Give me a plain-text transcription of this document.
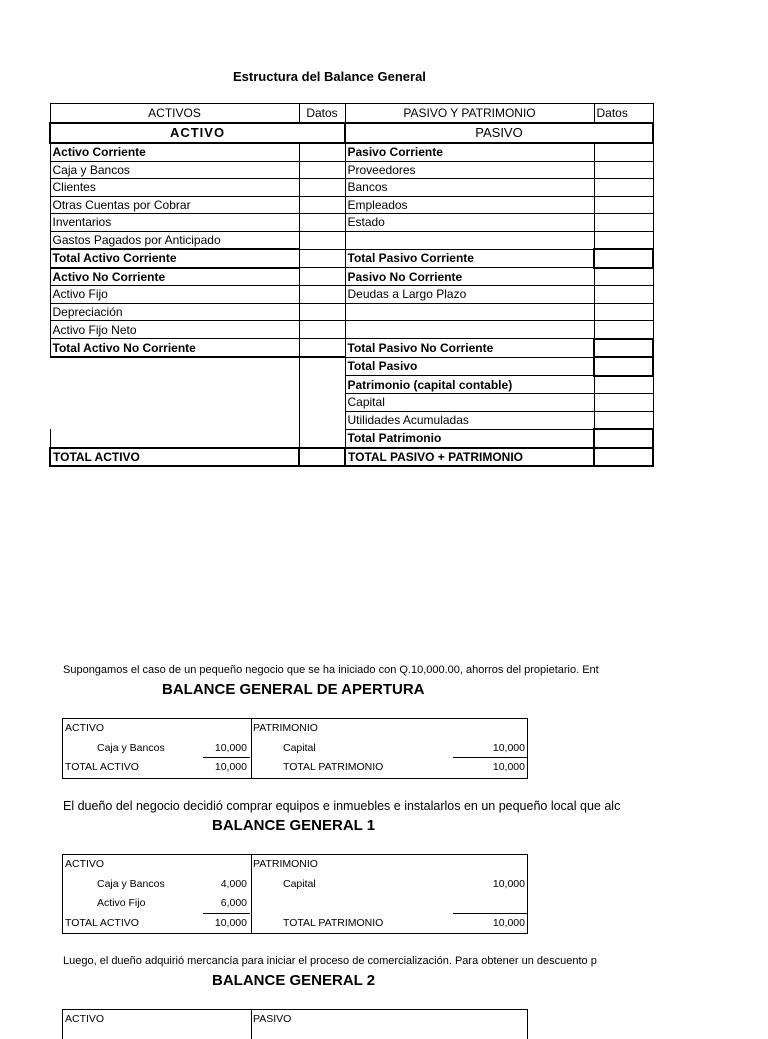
Estructura del Balance General
ACTIVOS	Datos	PASIVO Y PATRIMONIO	Datos
ACTIVO		PASIVO	
Activo Corriente		Pasivo Corriente	
Caja y Bancos		Proveedores	
Clientes		Bancos	
Otras Cuentas por Cobrar		Empleados	
Inventarios		Estado	
Gastos Pagados por Anticipado			
Total Activo Corriente		Total Pasivo Corriente	
Activo No Corriente		Pasivo No Corriente	
Activo Fijo		Deudas a Largo Plazo	
Depreciación			
Activo Fijo Neto			
Total Activo No Corriente		Total Pasivo No Corriente	
		Total Pasivo	
		Patrimonio (capital contable)	
		Capital	
		Utilidades Acumuladas	
		Total Patrimonio	
TOTAL ACTIVO		TOTAL PASIVO + PATRIMONIO	
Supongamos el caso de un pequeño negocio que se ha iniciado con Q.10,000.00, ahorros del propietario. Ent
BALANCE GENERAL DE APERTURA
ACTIVO	PATRIMONIO
Caja y Bancos	10,000	Capital	10,000
TOTAL ACTIVO	10,000	TOTAL PATRIMONIO	10,000
El dueño del negocio decidió comprar equipos e inmuebles e instalarlos en un pequeño local que alc
BALANCE GENERAL 1
ACTIVO	PATRIMONIO
Caja y Bancos	4,000	Capital	10,000
Activo Fijo	6,000
TOTAL ACTIVO	10,000	TOTAL PATRIMONIO	10,000
Luego, el dueño adquirió mercancía para iniciar el proceso de comercialización. Para obtener un descuento p
BALANCE GENERAL 2
ACTIVO	PASIVO
